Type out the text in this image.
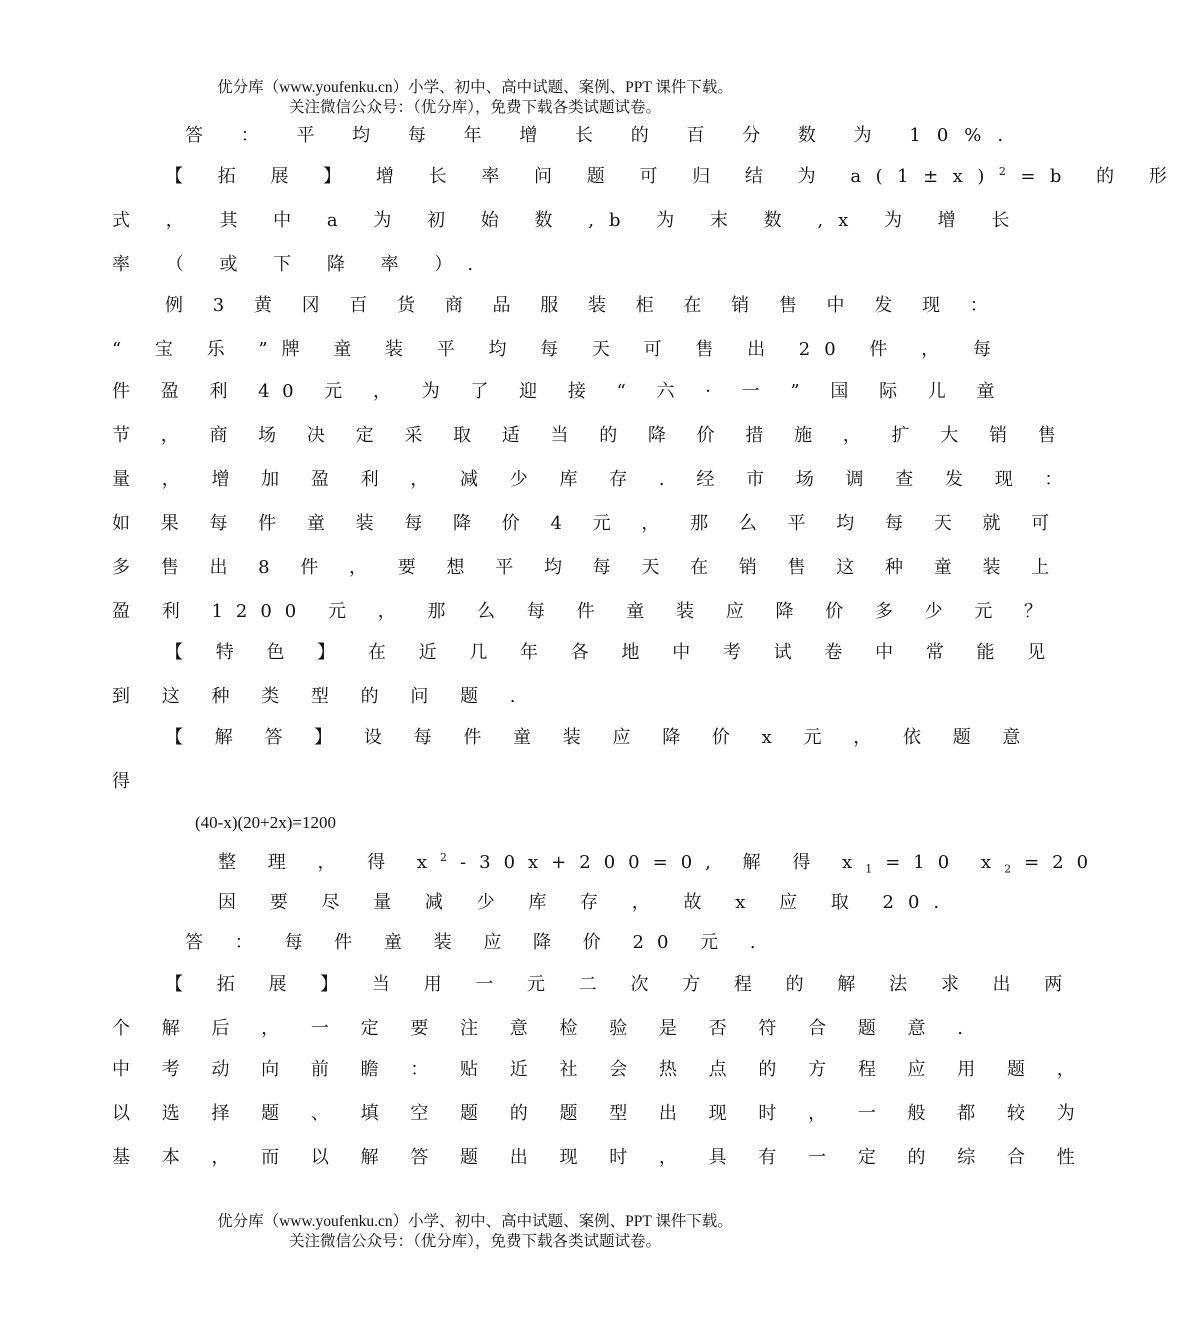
优分库（www.youfenku.cn）小学、初中、高中试题、案例、PPT 课件下载。
关注微信公众号：（优分库），免费下载各类试题试卷。
答 ： 平 均 每 年 增 长 的 百 分 数 为 10%.
【 拓 展 】 增 长 率 问 题 可 归 结 为 $a(1\pm x)^2=b$ 的 形
式 ， 其 中 a 为 初 始 数 ,b 为 末 数 ,x 为 增 长
率 （ 或 下 降 率 ）.
例 3 黄 冈 百 货 商 品 服 装 柜 在 销 售 中 发 现 ：
“ 宝 乐 ”牌 童 装 平 均 每 天 可 售 出 20 件 ， 每
件 盈 利 40 元 ， 为 了 迎 接 “ 六 · 一 ” 国 际 儿 童
节 ， 商 场 决 定 采 取 适 当 的 降 价 措 施 ， 扩 大 销 售
量 ， 增 加 盈 利 ， 减 少 库 存 . 经 市 场 调 查 发 现 ：
如 果 每 件 童 装 每 降 价 4 元 ， 那 么 平 均 每 天 就 可
多 售 出 8 件 ， 要 想 平 均 每 天 在 销 售 这 种 童 装 上
盈 利 1200 元 ， 那 么 每 件 童 装 应 降 价 多 少 元 ？
【 特 色 】 在 近 几 年 各 地 中 考 试 卷 中 常 能 见
到 这 种 类 型 的 问 题 .
【 解 答 】 设 每 件 童 装 应 降 价 x 元 ， 依 题 意
得
(40-x)(20+2x)=1200
整 理 ， 得 $x^2-30x+200=0$, 解 得 $x_1=10$ $x_2=20$
因 要 尽 量 减 少 库 存 ， 故 x 应 取 20.
答 ： 每 件 童 装 应 降 价 20 元 .
【 拓 展 】 当 用 一 元 二 次 方 程 的 解 法 求 出 两
个 解 后 ， 一 定 要 注 意 检 验 是 否 符 合 题 意 .
中 考 动 向 前 瞻 ： 贴 近 社 会 热 点 的 方 程 应 用 题 ，
以 选 择 题 、 填 空 题 的 题 型 出 现 时 ， 一 般 都 较 为
基 本 ， 而 以 解 答 题 出 现 时 ， 具 有 一 定 的 综 合 性
优分库（www.youfenku.cn）小学、初中、高中试题、案例、PPT 课件下载。
关注微信公众号：（优分库），免费下载各类试题试卷。
